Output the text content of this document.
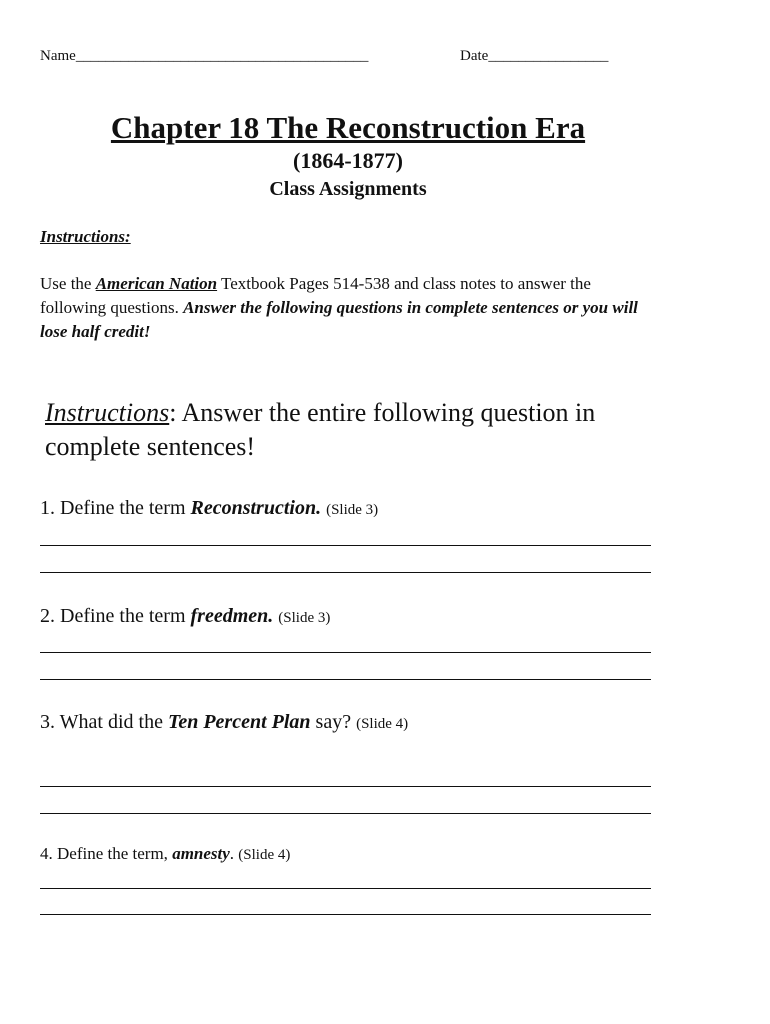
Name_______________________________________	Date________________
Chapter 18 The Reconstruction Era
(1864-1877)
Class Assignments
Instructions:
Use the American Nation Textbook Pages 514-538 and class notes to answer the following questions. Answer the following questions in complete sentences or you will lose half credit!
Instructions: Answer the entire following question in complete sentences!
1. Define the term Reconstruction. (Slide 3)
2. Define the term freedmen. (Slide 3)
3. What did the Ten Percent Plan say? (Slide 4)
4. Define the term, amnesty. (Slide 4)
